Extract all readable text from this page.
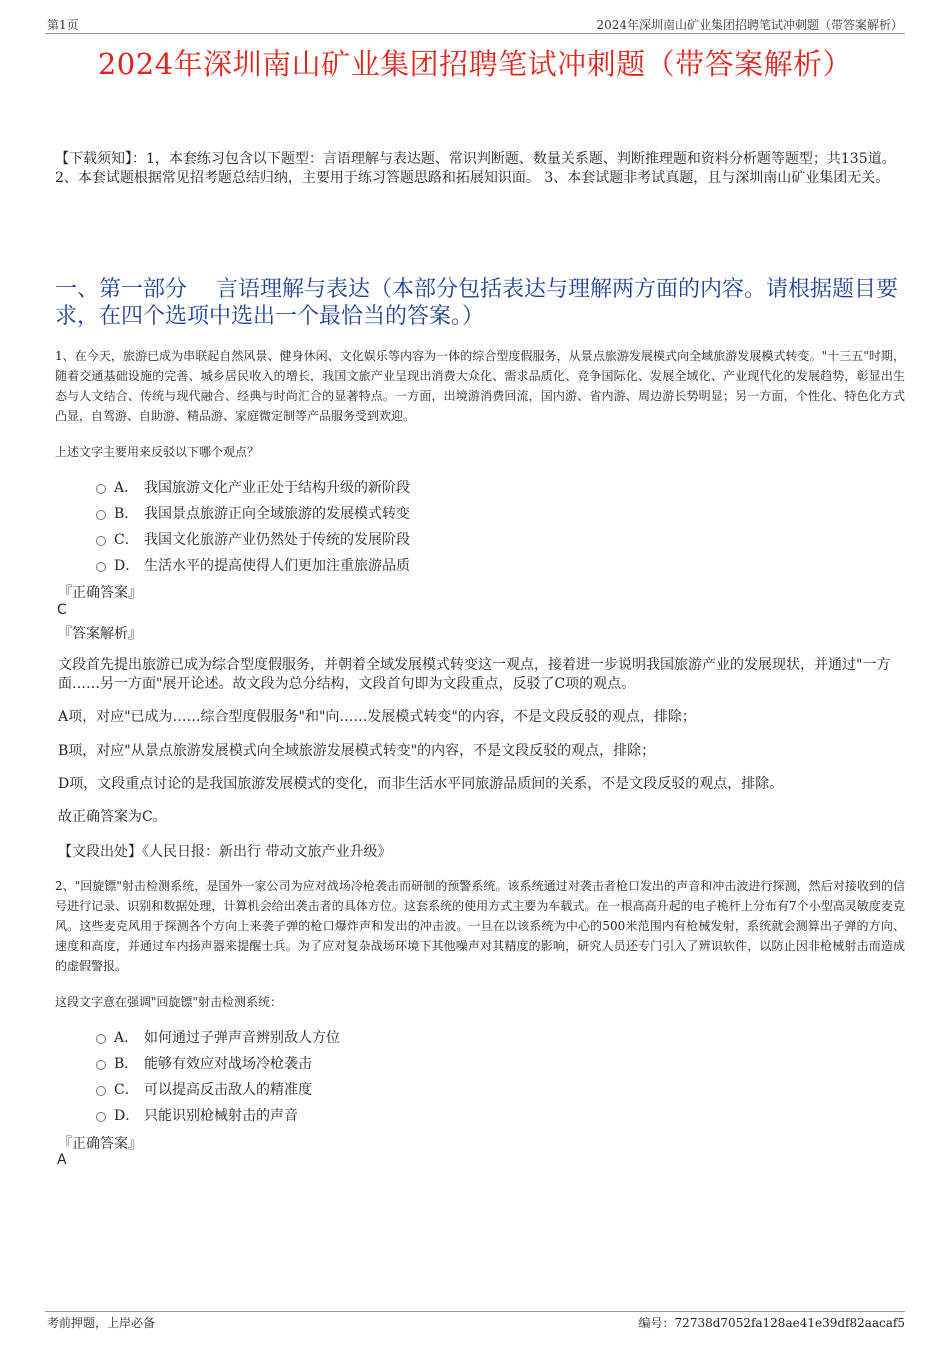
第1页	2024年深圳南山矿业集团招聘笔试冲刺题（带答案解析）
2024年深圳南山矿业集团招聘笔试冲刺题（带答案解析）
【下载须知】：1，本套练习包含以下题型：言语理解与表达题、常识判断题、数量关系题、判断推理题和资料分析题等题型；共135道。 2、本套试题根据常见招考题总结归纳，主要用于练习答题思路和拓展知识面。 3、本套试题非考试真题，且与深圳南山矿业集团无关。
一、第一部分　 言语理解与表达（本部分包括表达与理解两方面的内容。请根据题目要求，在四个选项中选出一个最恰当的答案。）
1、在今天，旅游已成为串联起自然风景、健身休闲、文化娱乐等内容为一体的综合型度假服务，从景点旅游发展模式向全域旅游发展模式转变。"十三五"时期，随着交通基础设施的完善、城乡居民收入的增长，我国文旅产业呈现出消费大众化、需求品质化、竞争国际化、发展全域化、产业现代化的发展趋势，彰显出生态与人文结合、传统与现代融合、经典与时尚汇合的显著特点。一方面，出境游消费回流，国内游、省内游、周边游长势明显；另一方面，个性化、特色化方式凸显，自驾游、自助游、精品游、家庭微定制等产品服务受到欢迎。
上述文字主要用来反驳以下哪个观点？
A． 我国旅游文化产业正处于结构升级的新阶段
B． 我国景点旅游正向全域旅游的发展模式转变
C． 我国文化旅游产业仍然处于传统的发展阶段
D． 生活水平的提高使得人们更加注重旅游品质
『正确答案』
C
『答案解析』
文段首先提出旅游已成为综合型度假服务，并朝着全域发展模式转变这一观点，接着进一步说明我国旅游产业的发展现状，并通过"一方面……另一方面"展开论述。故文段为总分结构，文段首句即为文段重点，反驳了C项的观点。
A项，对应"已成为……综合型度假服务"和"向……发展模式转变"的内容，不是文段反驳的观点，排除；
B项，对应"从景点旅游发展模式向全域旅游发展模式转变"的内容，不是文段反驳的观点，排除；
D项，文段重点讨论的是我国旅游发展模式的变化，而非生活水平同旅游品质间的关系，不是文段反驳的观点，排除。
故正确答案为C。
【文段出处】《人民日报：新出行 带动文旅产业升级》
2、"回旋镖"射击检测系统，是国外一家公司为应对战场冷枪袭击而研制的预警系统。该系统通过对袭击者枪口发出的声音和冲击波进行探测，然后对接收到的信号进行记录、识别和数据处理，计算机会给出袭击者的具体方位。这套系统的使用方式主要为车载式。在一根高高升起的电子桅杆上分布有7个小型高灵敏度麦克风。这些麦克风用于探测各个方向上来袭子弹的枪口爆炸声和发出的冲击波。一旦在以该系统为中心的500米范围内有枪械发射，系统就会测算出子弹的方向、速度和高度，并通过车内扬声器来提醒士兵。为了应对复杂战场环境下其他噪声对其精度的影响，研究人员还专门引入了辨识软件，以防止因非枪械射击而造成的虚假警报。
这段文字意在强调"回旋镖"射击检测系统：
A． 如何通过子弹声音辨别敌人方位
B． 能够有效应对战场冷枪袭击
C． 可以提高反击敌人的精准度
D． 只能识别枪械射击的声音
『正确答案』
A
考前押题，上岸必备	编号：72738d7052fa128ae41e39df82aacaf5
